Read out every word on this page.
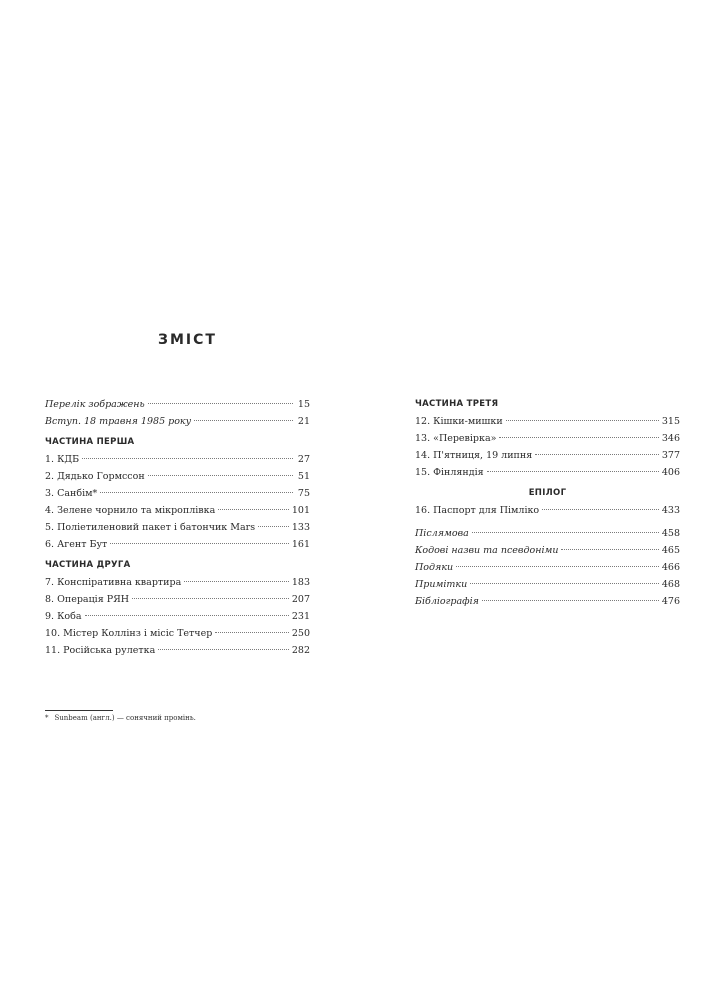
ЗМІСТ
Перелік зображень	15
Вступ. 18 травня 1985 року	21
ЧАСТИНА ПЕРША
1. КДБ	27
2. Дядько Гормссон	51
3. Санбім*	75
4. Зелене чорнило та мікроплівка	101
5. Поліетиленовий пакет і батончик Mars	133
6. Агент Бут	161
ЧАСТИНА ДРУГА
7. Конспіративна квартира	183
8. Операція РЯН	207
9. Коба	231
10. Містер Коллінз і місіс Тетчер	250
11. Російська рулетка	282
ЧАСТИНА ТРЕТЯ
12. Кішки-мишки	315
13. «Перевірка»	346
14. П'ятниця, 19 липня	377
15. Фінляндія	406
ЕПІЛОГ
16. Паспорт для Пімліко	433
Післямова	458
Кодові назви та псевдоніми	465
Подяки	466
Примітки	468
Бібліографія	476
* Sunbeam (англ.) — сонячний промінь.
